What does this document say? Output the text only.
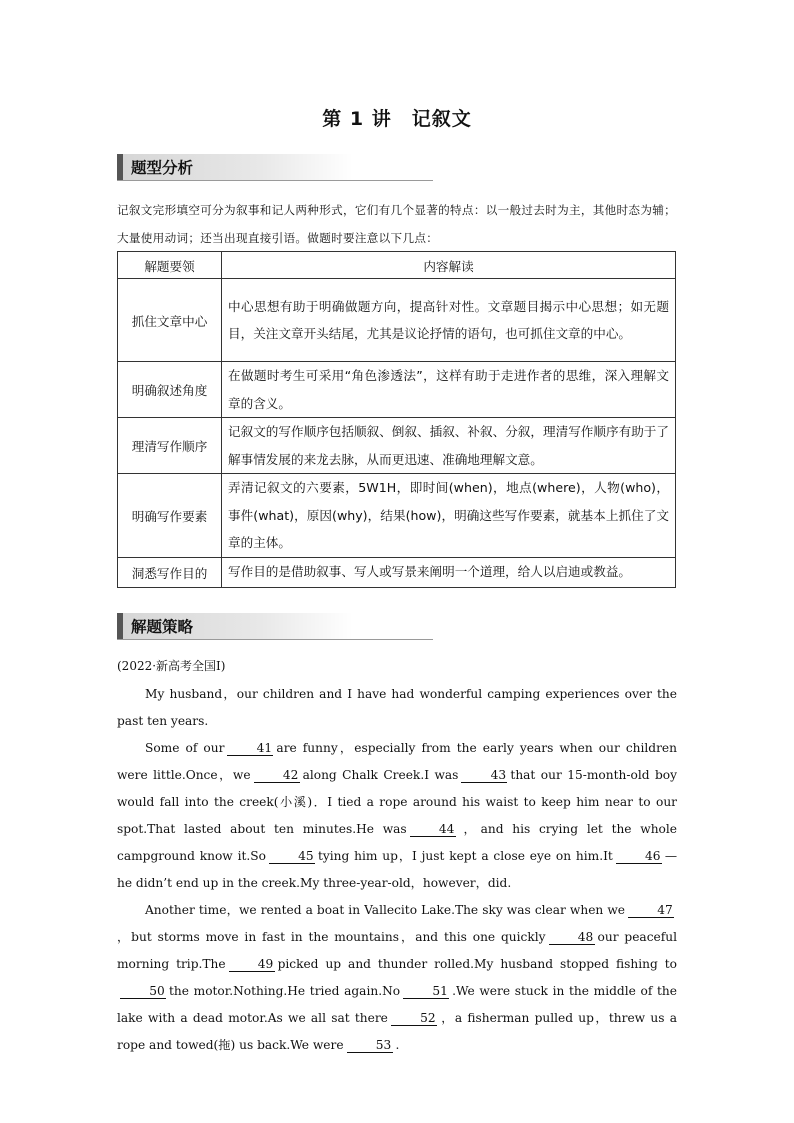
第 1 讲　记叙文
题型分析
记叙文完形填空可分为叙事和记人两种形式，它们有几个显著的特点：以一般过去时为主，其他时态为辅；大量使用动词；还当出现直接引语。做题时要注意以下几点：
解题要领	内容解读
抓住文章中心	中心思想有助于明确做题方向，提高针对性。文章题目揭示中心思想；如无题目，关注文章开头结尾，尤其是议论抒情的语句，也可抓住文章的中心。
明确叙述角度	在做题时考生可采用“角色渗透法”，这样有助于走进作者的思维，深入理解文章的含义。
理清写作顺序	记叙文的写作顺序包括顺叙、倒叙、插叙、补叙、分叙，理清写作顺序有助于了解事情发展的来龙去脉，从而更迅速、准确地理解文意。
明确写作要素	弄清记叙文的六要素，5W1H，即时间(when)，地点(where)，人物(who)，事件(what)，原因(why)，结果(how)，明确这些写作要素，就基本上抓住了文章的主体。
洞悉写作目的	写作目的是借助叙事、写人或写景来阐明一个道理，给人以启迪或教益。
解题策略
(2022·新高考全国Ⅰ)

My husband，our children and I have had wonderful camping experiences over the past ten years.

Some of our	41 are funny，especially from the early years when our children were little.Once，we	42 along Chalk Creek.I was	43 that our 15-month-old boy would fall into the creek(小溪)．I tied a rope around his waist to keep him near to our spot.That lasted about ten minutes.He was	44 ，and his crying let the whole campground know it.So	45 tying him up，I just kept a close eye on him.It	46 —he didn’t end up in the creek.My three-year-old，however，did.

Another time，we rented a boat in Vallecito Lake.The sky was clear when we	47，but storms move in fast in the mountains，and this one quickly	48 our peaceful morning trip.The	49 picked up and thunder rolled.My husband stopped fishing to50 the motor.Nothing.He tried again.No	51 .We were stuck in the middle of the lake with a dead motor.As we all sat there	52 ，a fisherman pulled up，threw us a rope and towed(拖) us back.We were	53 .
